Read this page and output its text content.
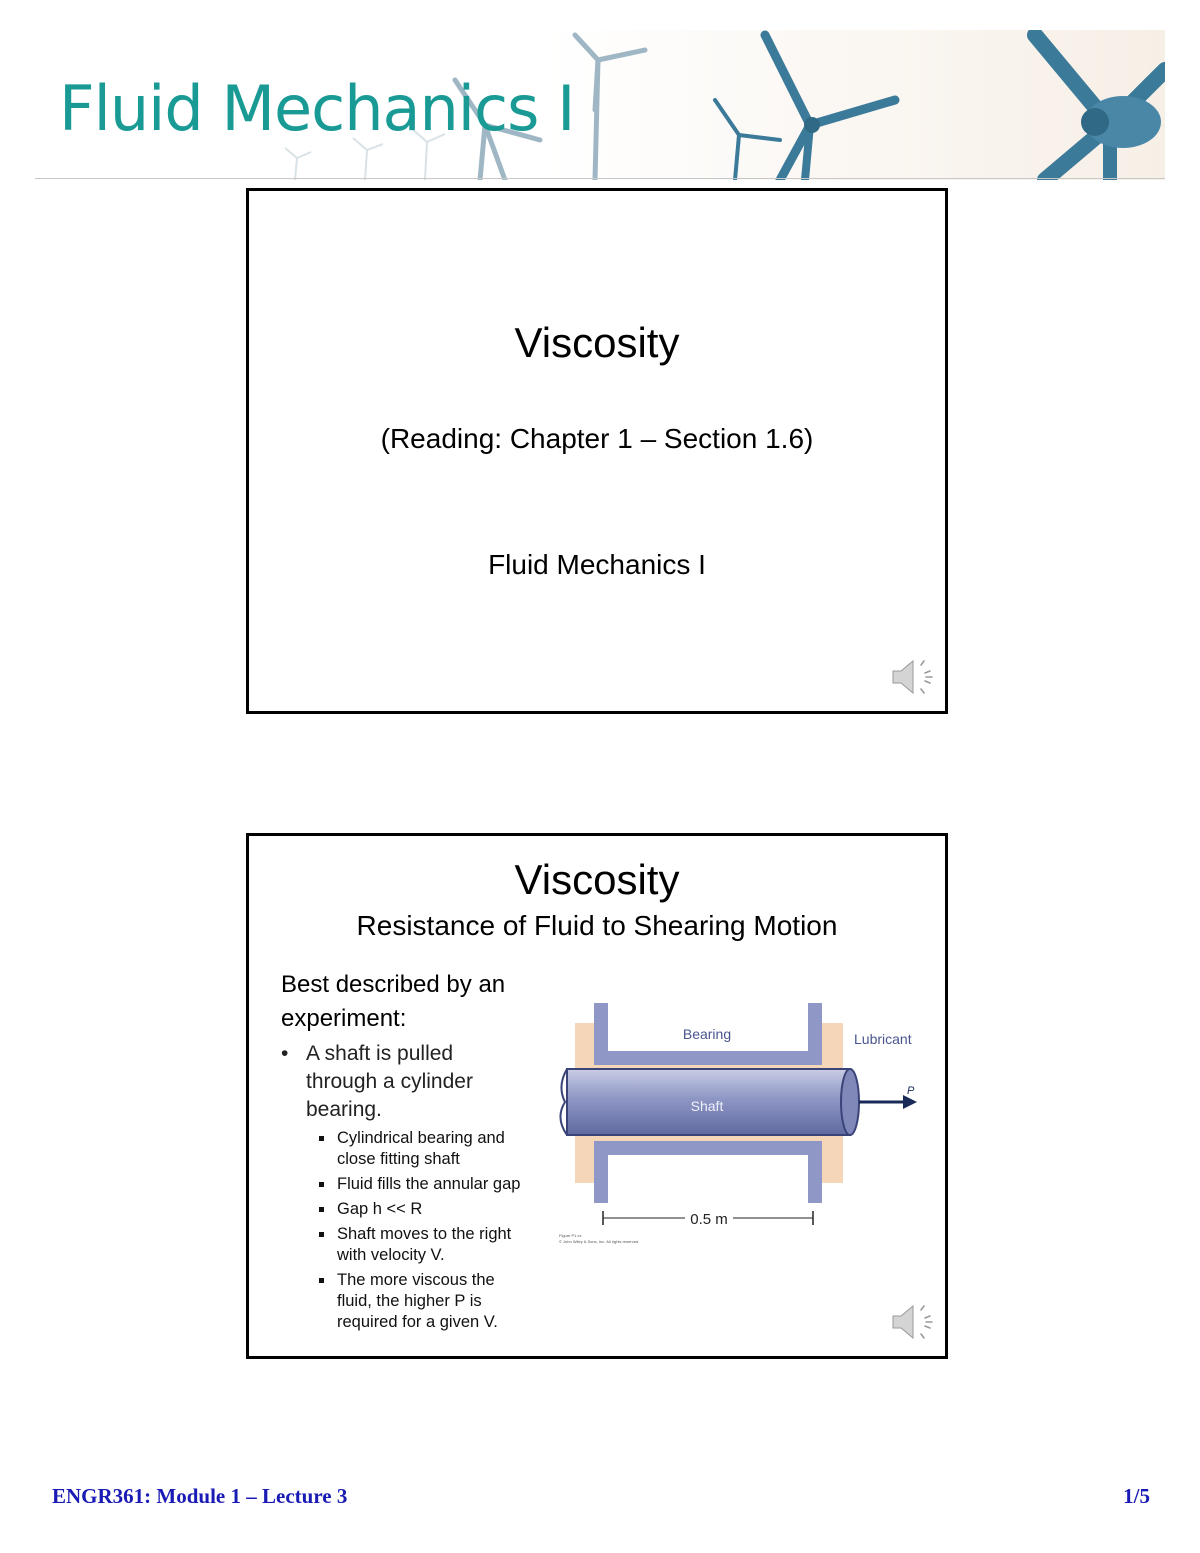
Fluid Mechanics I
Viscosity
(Reading: Chapter 1 – Section 1.6)
Fluid Mechanics I
Viscosity
Resistance of Fluid to Shearing Motion
Best described by an experiment:
• A shaft is pulled through a cylinder bearing.
Cylindrical bearing and close fitting shaft
Fluid fills the annular gap
Gap h << R
Shaft moves to the right with velocity V.
The more viscous the fluid, the higher P is required for a given V.
0.5 m
Bearing	Lubricant
Shaft
P
Figure P1.xx
© John Wiley & Sons, Inc. All rights reserved.
ENGR361: Module 1 – Lecture 3	1/5
